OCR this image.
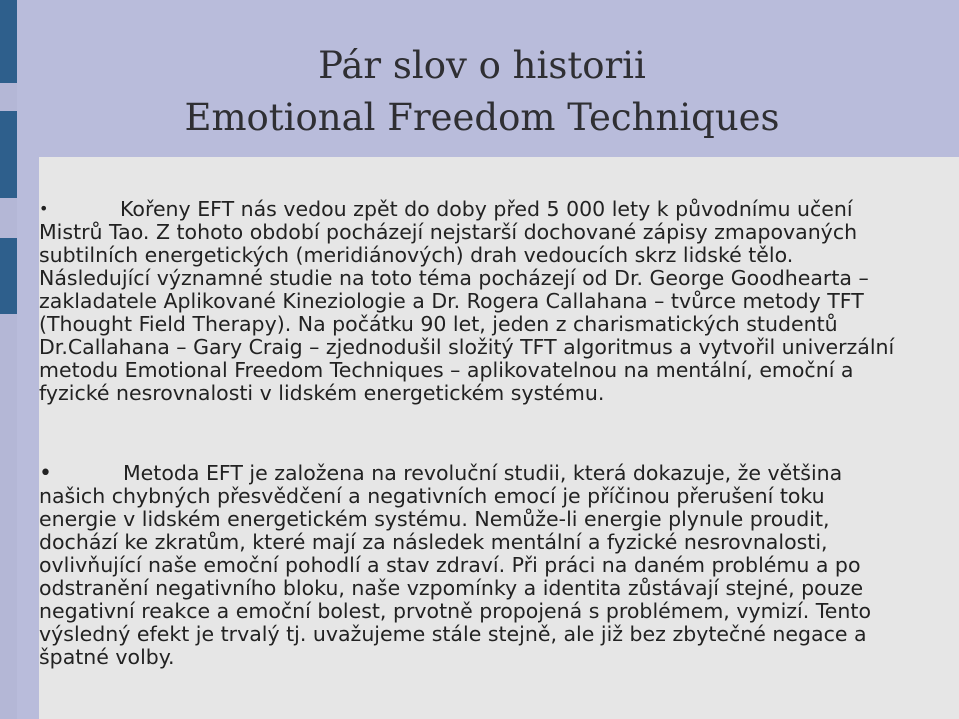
Pár slov o historii
Emotional Freedom Techniques
•	Kořeny EFT nás vedou zpět do doby před 5 000 lety k původnímu učení Mistrů Tao. Z tohoto období pocházejí nejstarší dochované zápisy zmapovaných subtilních energetických (meridiánových) drah vedoucích skrz lidské tělo. Následující významné studie na toto téma pocházejí od Dr. George Goodhearta – zakladatele Aplikované Kineziologie a Dr. Rogera Callahana – tvůrce metody TFT (Thought Field Therapy). Na počátku 90 let, jeden z charismatických studentů Dr.Callahana – Gary Craig – zjednodušil složitý TFT algoritmus a vytvořil univerzální metodu Emotional Freedom Techniques – aplikovatelnou na mentální, emoční a fyzické nesrovnalosti v lidském energetickém systému.
•	Metoda EFT je založena na revoluční studii, která dokazuje, že většina našich chybných přesvědčení a negativních emocí je příčinou přerušení toku energie v lidském energetickém systému. Nemůže-li energie plynule proudit, dochází ke zkratům, které mají za následek mentální a fyzické nesrovnalosti, ovlivňující naše emoční pohodlí a stav zdraví. Při práci na daném problému a po odstranění negativního bloku, naše vzpomínky a identita zůstávají stejné, pouze negativní reakce a emoční bolest, prvotně propojená s problémem, vymizí. Tento výsledný efekt je trvalý tj. uvažujeme stále stejně, ale již bez zbytečné negace a špatné volby.
